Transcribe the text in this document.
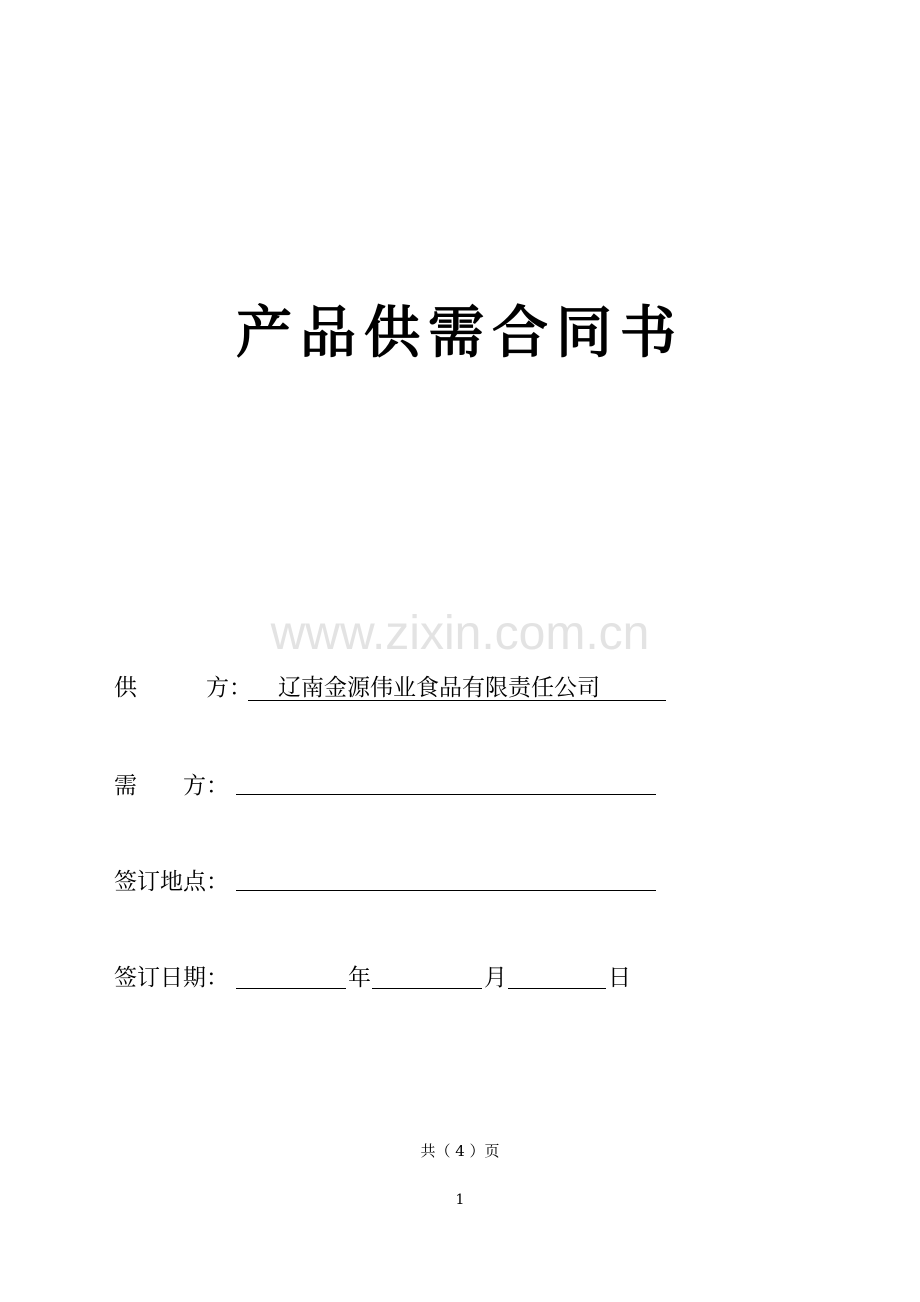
产品供需合同书
www.zixin.com.cn
供　　　方： 辽南金源伟业食品有限责任公司
需　　方：
签订地点：
签订日期：	年	月	日
共（ 4 ）页
1
